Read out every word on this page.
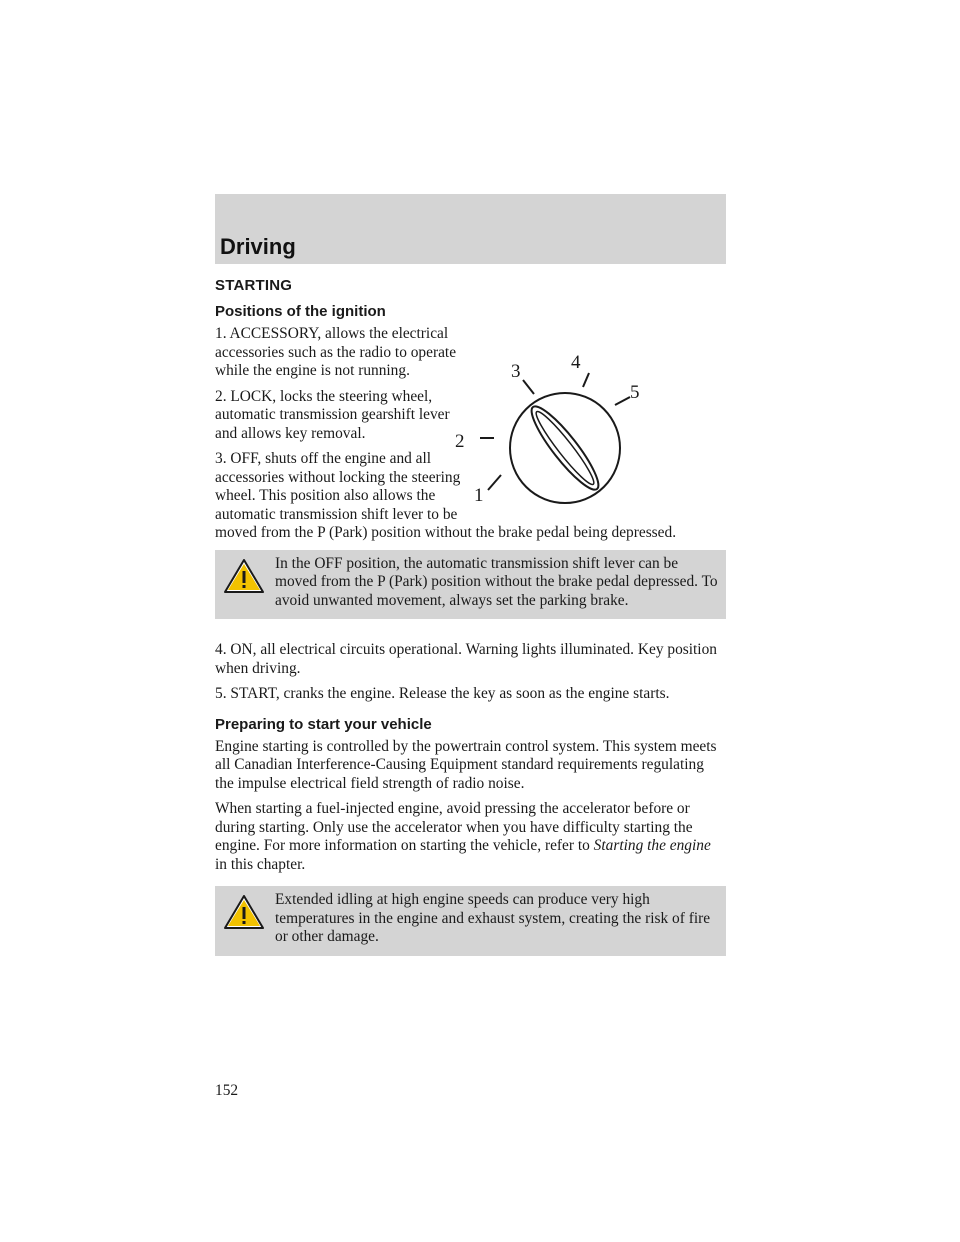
Driving
STARTING
Positions of the ignition
1
2
3	4
5

1. ACCESSORY, allows the electrical accessories such as the radio to operate while the engine is not running.

2. LOCK, locks the steering wheel, automatic transmission gearshift lever and allows key removal.

3. OFF, shuts off the engine and all accessories without locking the steering wheel. This position also allows the automatic transmission shift lever to be moved from the P (Park) position without the brake pedal being depressed.

In the OFF position, the automatic transmission shift lever can be moved from the P (Park) position without the brake pedal depressed. To avoid unwanted movement, always set the parking brake.

4. ON, all electrical circuits operational. Warning lights illuminated. Key position when driving.

5. START, cranks the engine. Release the key as soon as the engine starts.

Preparing to start your vehicle

Engine starting is controlled by the powertrain control system. This system meets all Canadian Interference-Causing Equipment standard requirements regulating the impulse electrical field strength of radio noise.

When starting a fuel-injected engine, avoid pressing the accelerator before or during starting. Only use the accelerator when you have difficulty starting the engine. For more information on starting the vehicle, refer to Starting the engine in this chapter.

Extended idling at high engine speeds can produce very high temperatures in the engine and exhaust system, creating the risk of fire or other damage.

152
